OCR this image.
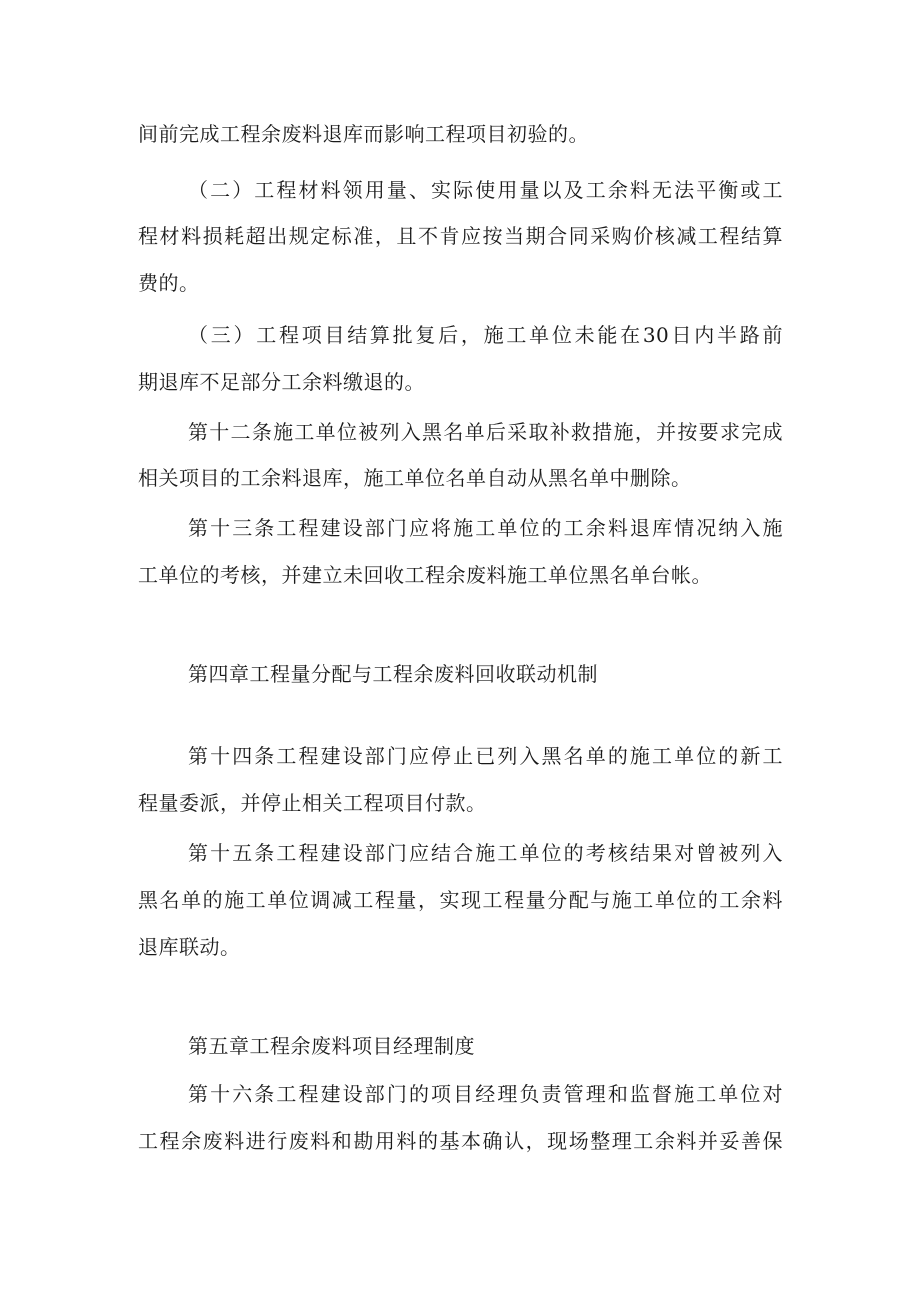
间前完成工程余废料退库而影响工程项目初验的。

（二）工程材料领用量、实际使用量以及工余料无法平衡或工

程材料损耗超出规定标准，且不肯应按当期合同采购价核减工程结算

费的。

（三）工程项目结算批复后，施工单位未能在30日内半路前

期退库不足部分工余料缴退的。

第十二条施工单位被列入黑名单后采取补救措施，并按要求完成

相关项目的工余料退库，施工单位名单自动从黑名单中删除。

第十三条工程建设部门应将施工单位的工余料退库情况纳入施

工单位的考核，并建立未回收工程余废料施工单位黑名单台帐。

第四章工程量分配与工程余废料回收联动机制

第十四条工程建设部门应停止已列入黑名单的施工单位的新工

程量委派，并停止相关工程项目付款。

第十五条工程建设部门应结合施工单位的考核结果对曾被列入

黑名单的施工单位调减工程量，实现工程量分配与施工单位的工余料

退库联动。

第五章工程余废料项目经理制度

第十六条工程建设部门的项目经理负责管理和监督施工单位对

工程余废料进行废料和勘用料的基本确认，现场整理工余料并妥善保
